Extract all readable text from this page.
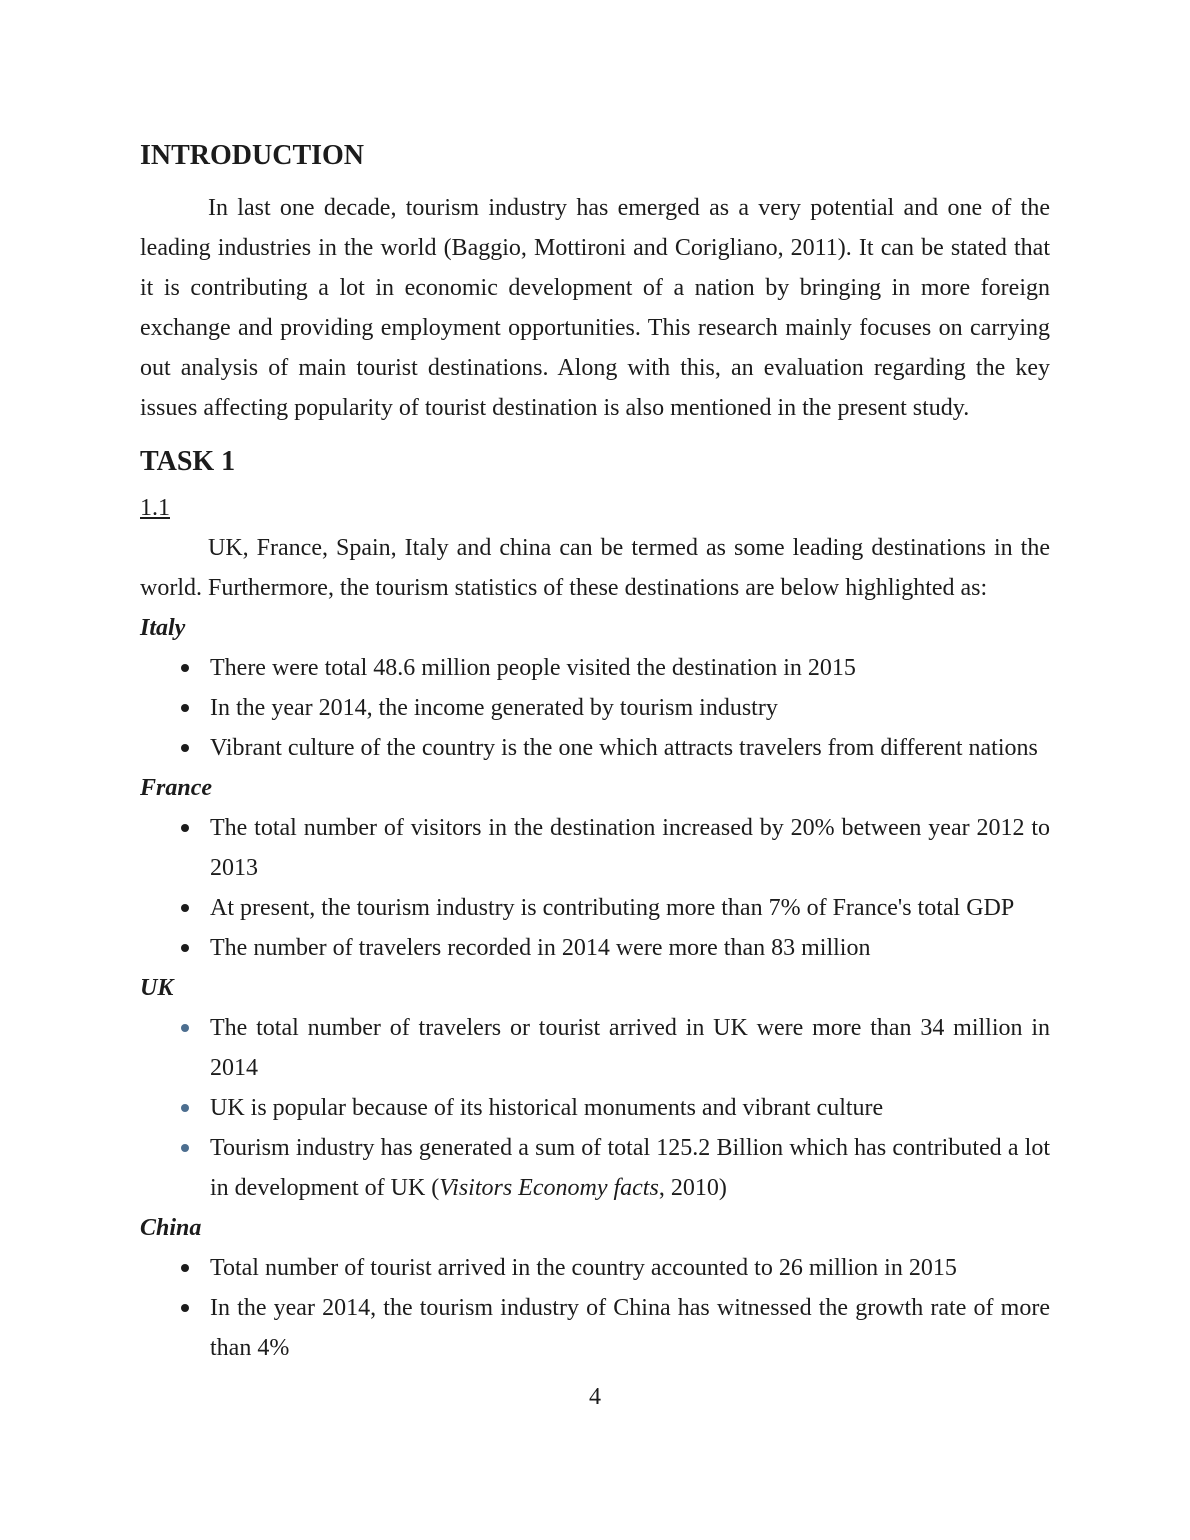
INTRODUCTION

In last one decade, tourism industry has emerged as a very potential and one of the leading industries in the world (Baggio, Mottironi and Corigliano, 2011). It can be stated that it is contributing a lot in economic development of a nation by bringing in more foreign exchange and providing employment opportunities. This research mainly focuses on carrying out analysis of main tourist destinations. Along with this, an evaluation regarding the key issues affecting popularity of tourist destination is also mentioned in the present study.

TASK 1

1.1

UK, France, Spain, Italy and china can be termed as some leading destinations in the world. Furthermore, the tourism statistics of these destinations are below highlighted as:

Italy
There were total 48.6 million people visited the destination in 2015
In the year 2014, the income generated by tourism industry
Vibrant culture of the country is the one which attracts travelers from different nations
France
The total number of visitors in the destination increased by 20% between year 2012 to 2013
At present, the tourism industry is contributing more than 7% of France's total GDP
The number of travelers recorded in 2014 were more than 83 million
UK
The total number of travelers or tourist arrived in UK were more than 34 million in 2014
UK is popular because of its historical monuments and vibrant culture
Tourism industry has generated a sum of total 125.2 Billion which has contributed a lot in development of UK (Visitors Economy facts, 2010)
China
Total number of tourist arrived in the country accounted to 26 million in 2015
In the year 2014, the tourism industry of China has witnessed the growth rate of more than 4%
4
